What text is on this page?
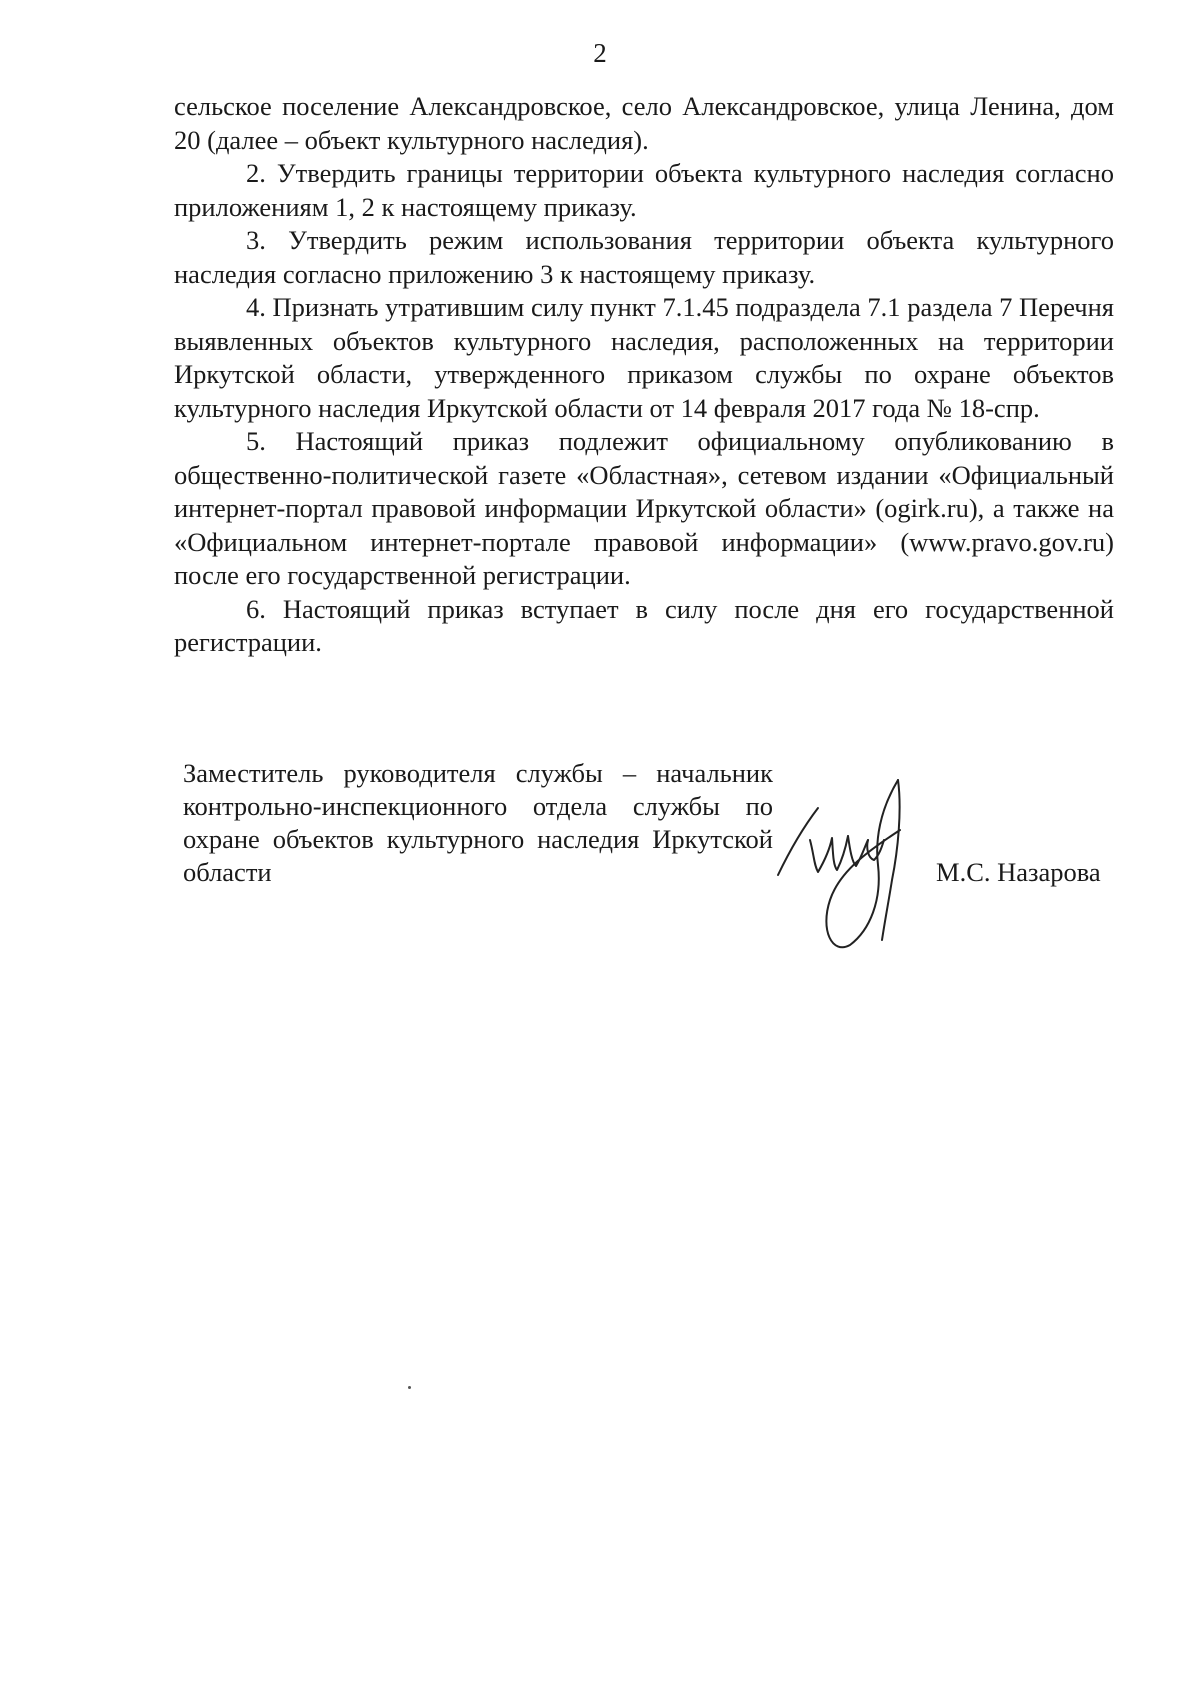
2

сельское поселение Александровское, село Александровское, улица Ленина, дом 20 (далее – объект культурного наследия).

2. Утвердить границы территории объекта культурного наследия согласно приложениям 1, 2 к настоящему приказу.

3. Утвердить режим использования территории объекта культурного наследия согласно приложению 3 к настоящему приказу.

4. Признать утратившим силу пункт 7.1.45 подраздела 7.1 раздела 7 Перечня выявленных объектов культурного наследия, расположенных на территории Иркутской области, утвержденного приказом службы по охране объектов культурного наследия Иркутской области от 14 февраля 2017 года № 18-спр.

5. Настоящий приказ подлежит официальному опубликованию в общественно-политической газете «Областная», сетевом издании «Официальный интернет-портал правовой информации Иркутской области» (ogirk.ru), а также на «Официальном интернет-портале правовой информации» (www.pravo.gov.ru) после его государственной регистрации.

6. Настоящий приказ вступает в силу после дня его государственной регистрации.

Заместитель руководителя службы – начальник контрольно-инспекционного отдела службы по охране объектов культурного наследия Иркутской области	М.С. Назарова
